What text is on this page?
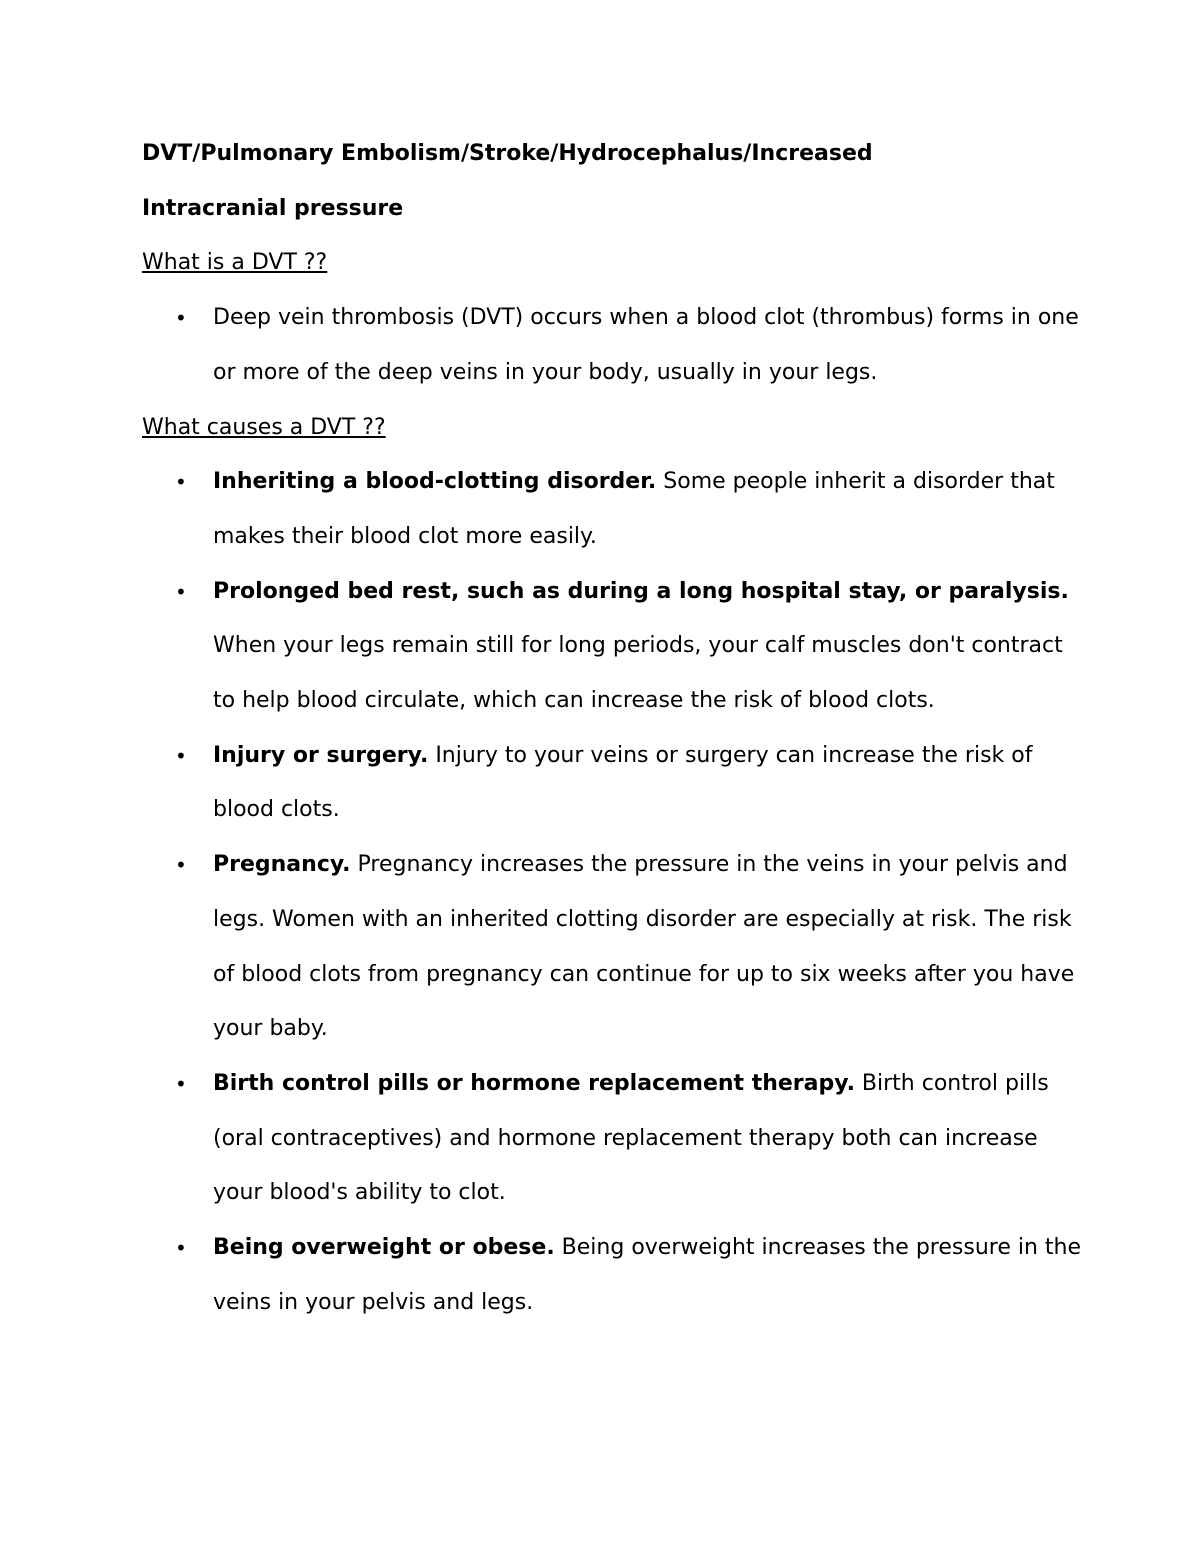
DVT/Pulmonary Embolism/Stroke/Hydrocephalus/Increased

Intracranial pressure

What is a DVT ??

• Deep vein thrombosis (DVT) occurs when a blood clot (thrombus) forms in one or more of the deep veins in your body, usually in your legs.

What causes a DVT ??

• Inheriting a blood-clotting disorder. Some people inherit a disorder that makes their blood clot more easily.
• Prolonged bed rest, such as during a long hospital stay, or paralysis. When your legs remain still for long periods, your calf muscles don't contract to help blood circulate, which can increase the risk of blood clots.
• Injury or surgery. Injury to your veins or surgery can increase the risk of blood clots.
• Pregnancy. Pregnancy increases the pressure in the veins in your pelvis and legs. Women with an inherited clotting disorder are especially at risk. The risk of blood clots from pregnancy can continue for up to six weeks after you have your baby.
• Birth control pills or hormone replacement therapy. Birth control pills (oral contraceptives) and hormone replacement therapy both can increase your blood's ability to clot.
• Being overweight or obese. Being overweight increases the pressure in the veins in your pelvis and legs.
